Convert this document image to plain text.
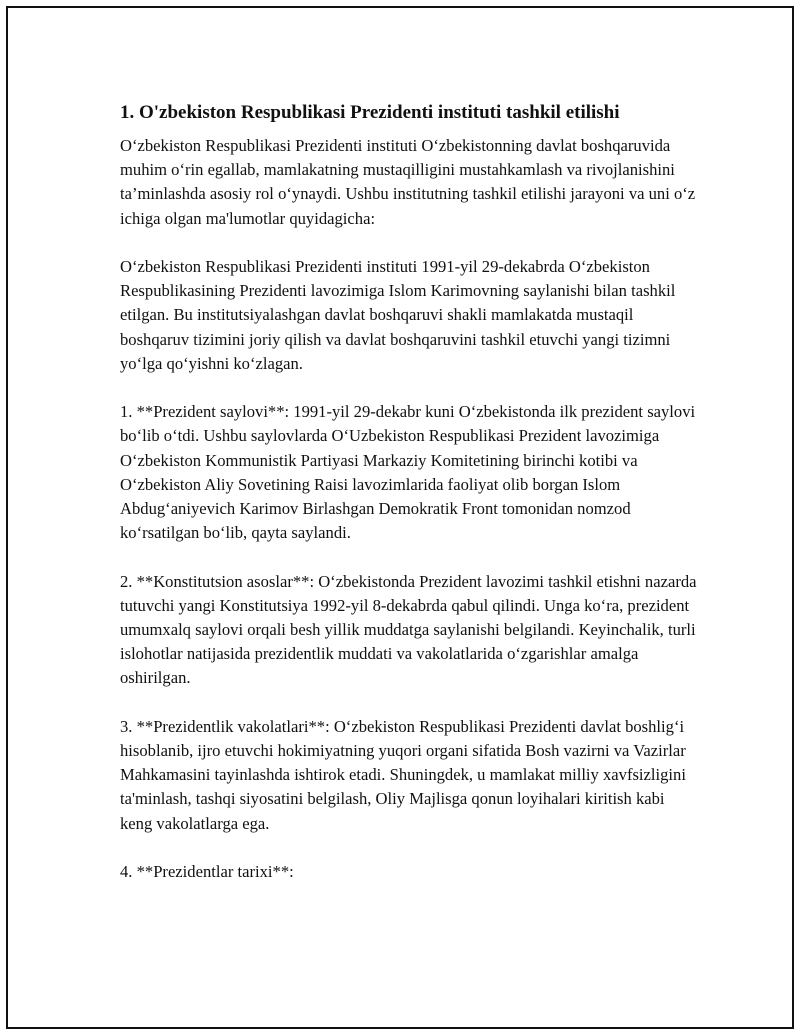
1. O'zbekiston Respublikasi Prezidenti instituti tashkil etilishi

O‘zbekiston Respublikasi Prezidenti instituti O‘zbekistonning davlat boshqaruvida muhim o‘rin egallab, mamlakatning mustaqilligini mustahkamlash va rivojlanishini ta’minlashda asosiy rol o‘ynaydi. Ushbu institutning tashkil etilishi jarayoni va uni o‘z ichiga olgan ma'lumotlar quyidagicha:

O‘zbekiston Respublikasi Prezidenti instituti 1991-yil 29-dekabrda O‘zbekiston Respublikasining Prezidenti lavozimiga Islom Karimovning saylanishi bilan tashkil etilgan. Bu institutsiyalashgan davlat boshqaruvi shakli mamlakatda mustaqil boshqaruv tizimini joriy qilish va davlat boshqaruvini tashkil etuvchi yangi tizimni yo‘lga qo‘yishni ko‘zlagan.

1. **Prezident saylovi**: 1991-yil 29-dekabr kuni O‘zbekistonda ilk prezident saylovi bo‘lib o‘tdi. Ushbu saylovlarda O‘Uzbekiston Respublikasi Prezident lavozimiga O‘zbekiston Kommunistik Partiyasi Markaziy Komitetining birinchi kotibi va O‘zbekiston Aliy Sovetining Raisi lavozimlarida faoliyat olib borgan Islom Abdug‘aniyevich Karimov Birlashgan Demokratik Front tomonidan nomzod ko‘rsatilgan bo‘lib, qayta saylandi.

2. **Konstitutsion asoslar**: O‘zbekistonda Prezident lavozimi tashkil etishni nazarda tutuvchi yangi Konstitutsiya 1992-yil 8-dekabrda qabul qilindi. Unga ko‘ra, prezident umumxalq saylovi orqali besh yillik muddatga saylanishi belgilandi. Keyinchalik, turli islohotlar natijasida prezidentlik muddati va vakolatlarida o‘zgarishlar amalga oshirilgan.

3. **Prezidentlik vakolatlari**: O‘zbekiston Respublikasi Prezidenti davlat boshlig‘i hisoblanib, ijro etuvchi hokimiyatning yuqori organi sifatida Bosh vazirni va Vazirlar Mahkamasini tayinlashda ishtirok etadi. Shuningdek, u mamlakat milliy xavfsizligini ta'minlash, tashqi siyosatini belgilash, Oliy Majlisga qonun loyihalari kiritish kabi keng vakolatlarga ega.

4. **Prezidentlar tarixi**:
